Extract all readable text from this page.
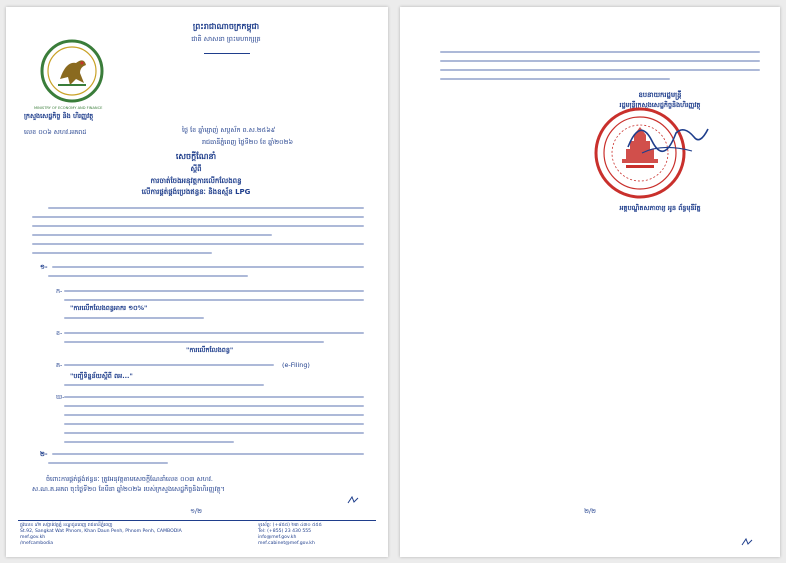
MINISTRY OF ECONOMY AND FINANCE
ព្រះរាជាណាចក្រកម្ពុជា
ជាតិ សាសនា ព្រះមហាក្សត្រ
ក្រសួងសេដ្ឋកិច្ច និង ហិរញ្ញវត្ថុ
លេខ ០០៦ សហវ.អគពដ	ថ្ងៃ ខែ ឆ្នាំម្សាញ់ សប្តស័ក ព.ស.២៥៦៩
រាជធានីភ្នំពេញ ថ្ងៃទី២០ ខែ ឆ្នាំ២០២៦
សេចក្តីណែនាំ
ស្តីពី
ការចាត់ចែងអនុវត្តការលើកលែងពន្ធ
លើការផ្គត់ផ្គង់ប្រេងឥន្ធនៈ និងឧស្ម័ន LPG
១-
ក-
"ការលើកលែងពន្ធអាករ ១០%"
ខ-
"ការលើកលែងពន្ធ"
គ-	(e-Filing)
"បញ្ជីទិន្នន័យស្តីពី ពអ..."
ឃ-
២-
ចំពោះការផ្គត់ផ្គង់ឥន្ធនៈ ត្រូវអនុវត្តតាមសេចក្តីណែនាំលេខ ០០៣ សហវ.
ស.ណ.គ.អគព ចុះថ្ងៃទី២០ ខែមីនា ឆ្នាំ២០២៦ របស់ក្រសួងសេដ្ឋកិច្ចនិងហិរញ្ញវត្ថុ។
១/២
ផ្លូវលេខ ៩២ សង្កាត់វត្តភ្នំ ខណ្ឌដូនពេញ រាជធានីភ្នំពេញ
St.92, Sangkat Wat Phnom, Khan Daun Penh, Phnom Penh, CAMBODIA
mef.gov.kh
/mefcambodia
ទូរស័ព្ទ: (+៨៥៥) ២៣ ៤៣០ ៥៥៥
Tel: (+855) 23 430 555
info@mef.gov.kh
mef.cabinet@mef.gov.kh
ឧបនាយករដ្ឋមន្ត្រី
រដ្ឋមន្ត្រីក្រសួងសេដ្ឋកិច្ចនិងហិរញ្ញវត្ថុ
អគ្គបណ្ឌិតសភាចារ្យ អូន ព័ន្ធមុនីរ័ត្ន
២/២
